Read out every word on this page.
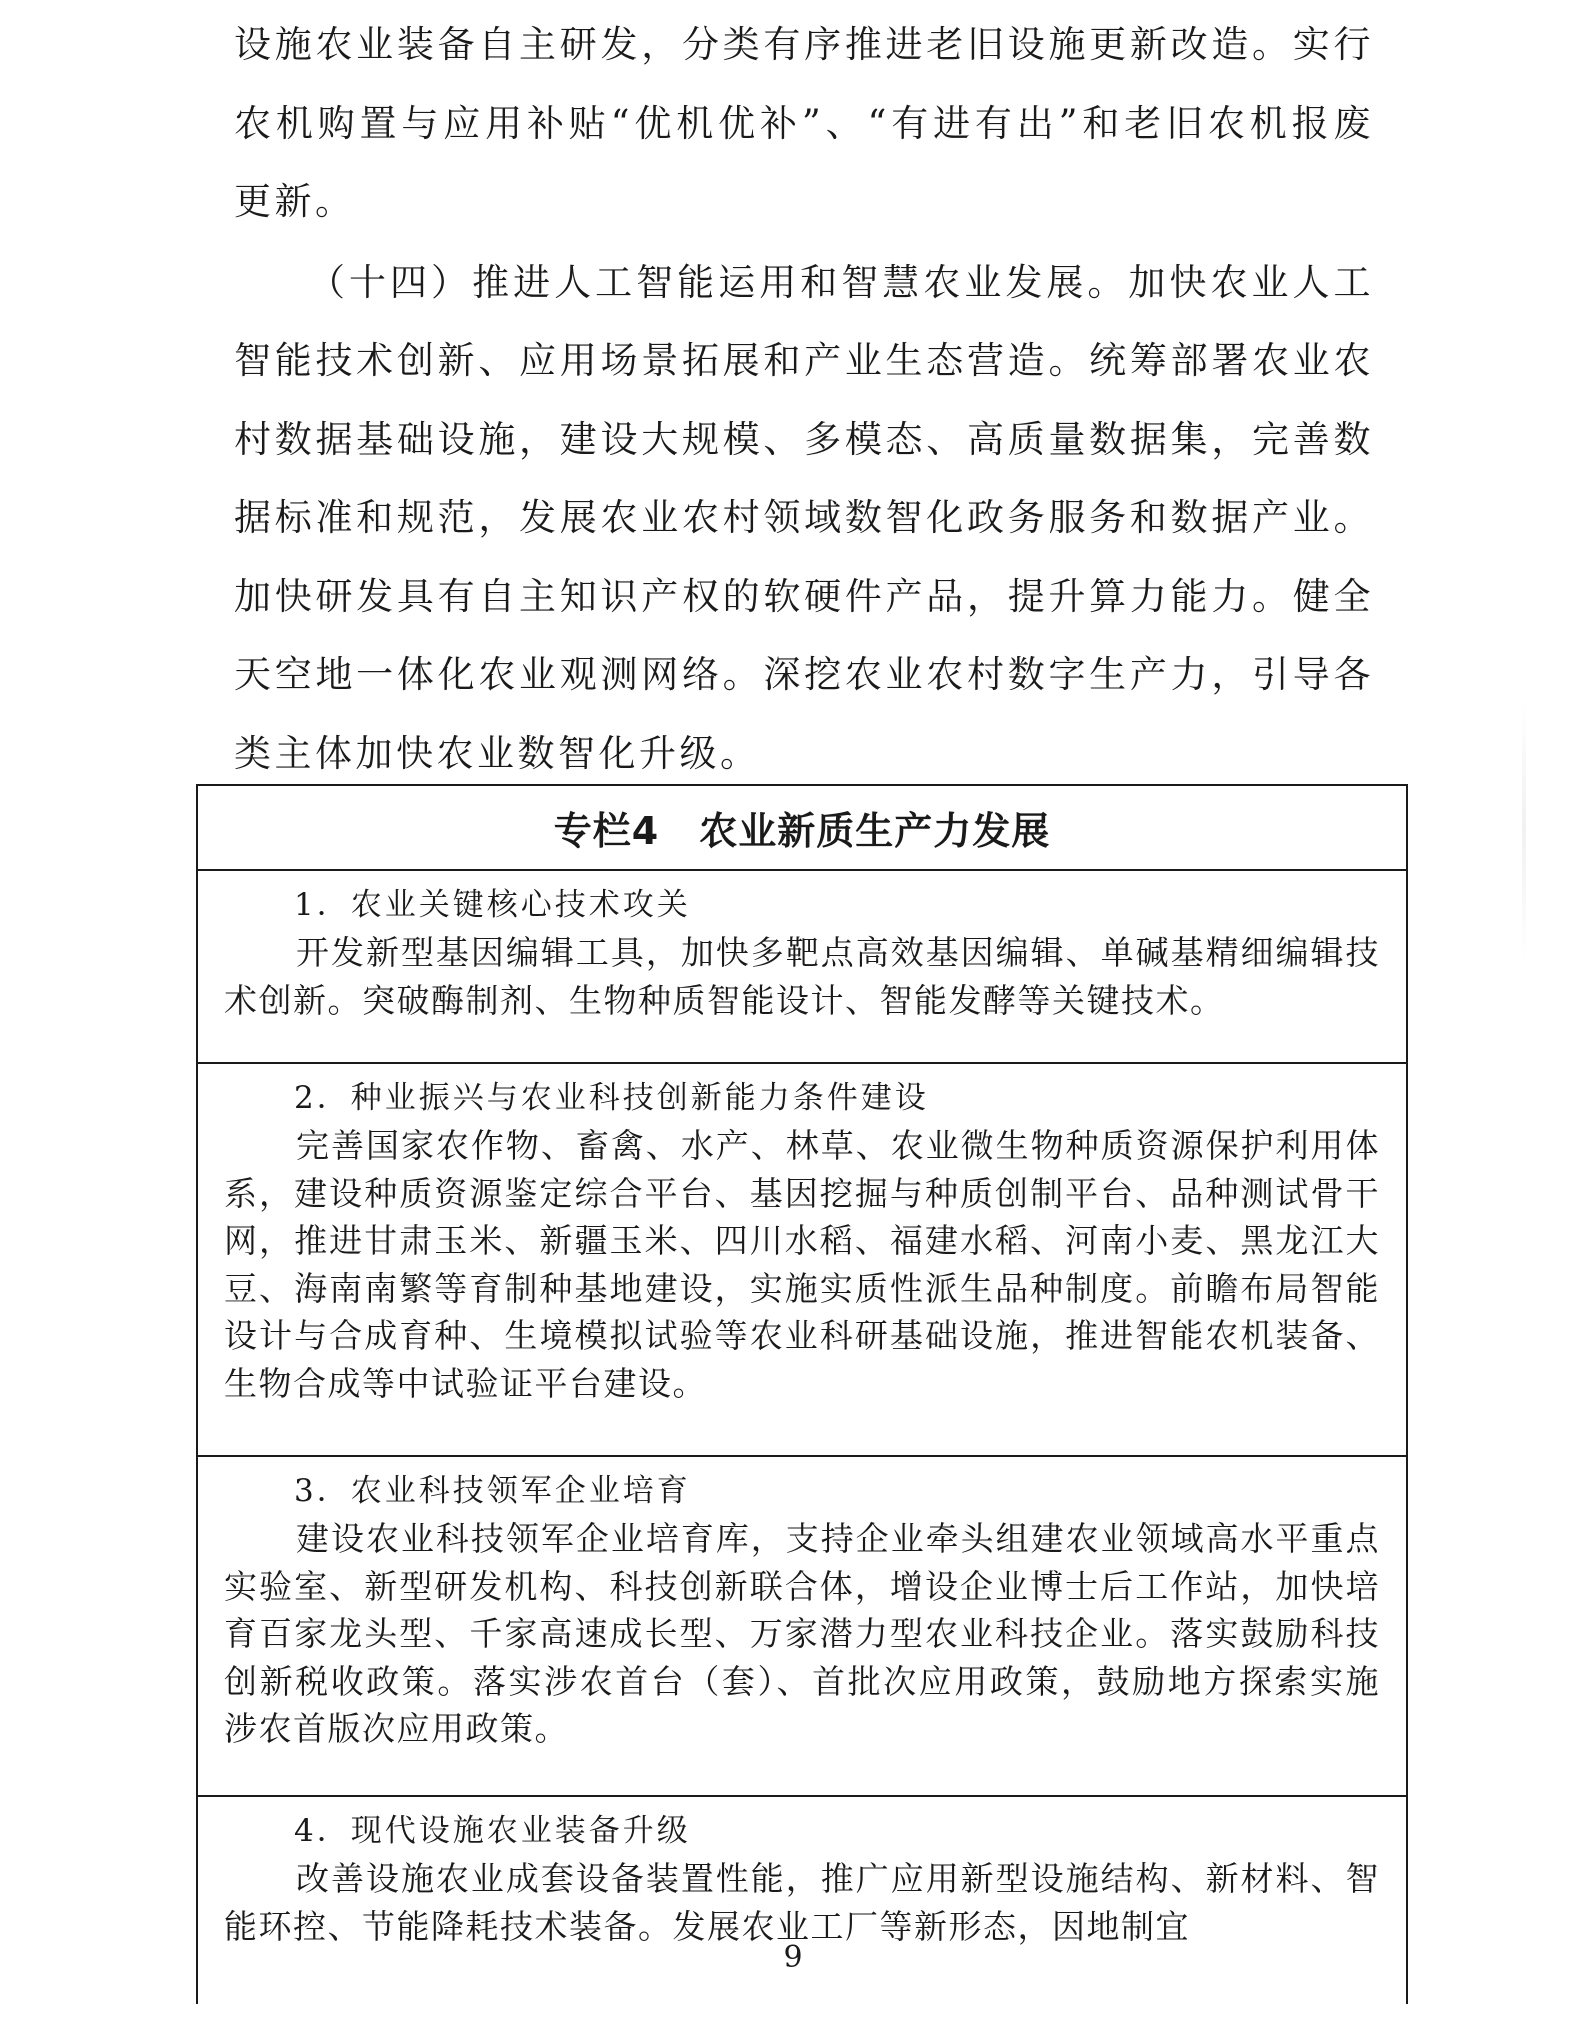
设施农业装备自主研发，分类有序推进老旧设施更新改造。实行农机购置与应用补贴“优机优补”、“有进有出”和老旧农机报废更新。

（十四）推进人工智能运用和智慧农业发展。加快农业人工智能技术创新、应用场景拓展和产业生态营造。统筹部署农业农村数据基础设施，建设大规模、多模态、高质量数据集，完善数据标准和规范，发展农业农村领域数智化政务服务和数据产业。加快研发具有自主知识产权的软硬件产品，提升算力能力。健全天空地一体化农业观测网络。深挖农业农村数字生产力，引导各类主体加快农业数智化升级。

专栏4 农业新质生产力发展
1．农业关键核心技术攻关
开发新型基因编辑工具，加快多靶点高效基因编辑、单碱基精细编辑技术创新。突破酶制剂、生物种质智能设计、智能发酵等关键技术。
2．种业振兴与农业科技创新能力条件建设
完善国家农作物、畜禽、水产、林草、农业微生物种质资源保护利用体系，建设种质资源鉴定综合平台、基因挖掘与种质创制平台、品种测试骨干网，推进甘肃玉米、新疆玉米、四川水稻、福建水稻、河南小麦、黑龙江大豆、海南南繁等育制种基地建设，实施实质性派生品种制度。前瞻布局智能设计与合成育种、生境模拟试验等农业科研基础设施，推进智能农机装备、生物合成等中试验证平台建设。
3．农业科技领军企业培育
建设农业科技领军企业培育库，支持企业牵头组建农业领域高水平重点实验室、新型研发机构、科技创新联合体，增设企业博士后工作站，加快培育百家龙头型、千家高速成长型、万家潜力型农业科技企业。落实鼓励科技创新税收政策。落实涉农首台（套）、首批次应用政策，鼓励地方探索实施涉农首版次应用政策。
4．现代设施农业装备升级
改善设施农业成套设备装置性能，推广应用新型设施结构、新材料、智能环控、节能降耗技术装备。发展农业工厂等新形态，因地制宜
9
